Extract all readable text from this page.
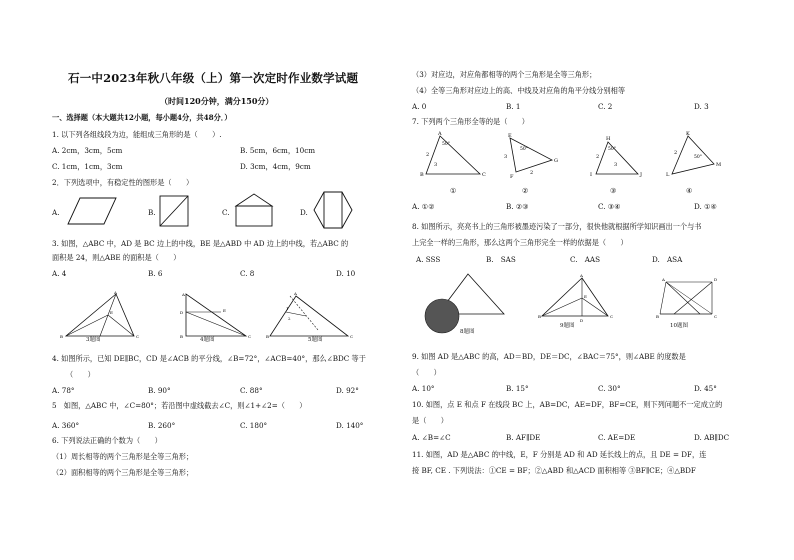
石一中2023年秋八年级（上）第一次定时作业数学试题
（时间120分钟，满分150分）
一、选择题（本大题共12小题，每小题4分，共48分．）
1. 以下列各组线段为边，能组成三角形的是（　　）.
A. 2cm，3cm，5cm	B. 5cm，6cm，10cm
C. 1cm，1cm，3cm	D. 3cm，4cm，9cm
2．下列选项中，有稳定性的图形是（　　）
A.	B.	C.	D.
3. 如图，△ABC 中，AD 是 BC 边上的中线，BE 是△ABD 中 AD 边上的中线，若△ABC 的
面积是 24，则△ABE 的面积是（　　）
A. 4	B. 6	C. 8	D. 10
A
E
B	C
A
D	E
B	C
A
1
2
B	C
3题图	4题图	5题图
4. 如图所示，已知 DE∥BC，CD 是∠ACB 的平分线，∠B=72°，∠ACB=40°，那么∠BDC 等于
（　　）
A. 78°	B. 90°	C. 88°	D. 92°
5　如图，△ABC 中，∠C=80°；若沿图中虚线截去∠C，则∠1+∠2=（　　）
A. 360°	B. 260°	C. 180°	D. 140°
6. 下列说法正确的个数为（　　）
（1）周长相等的两个三角形是全等三角形；
（2）面积相等的两个三角形是全等三角形；
（3）对应边，对应角都相等的两个三角形是全等三角形；
（4）全等三角形对应边上的高、中线及对应角的角平分线分别相等
A. 0	B. 1	C. 2	D. 3
7. 下列两个三角形全等的是（　　）
A
B	C
2
3
50°
E
F
G
3
2
50°
H
I	J
2
3
50°
K
L
M
2
50°
①	②	③	④
A. ①②	B. ②③	C. ③④	D. ①④
8. 如图所示，亮亮书上的三角形被墨迹污染了一部分，很快他就根据所学知识画出一个与书
上完全一样的三角形，那么这两个三角形完全一样的依据是（　　）
A. SSS	B.　SAS	C.　AAS	D.　ASA
A
E
B
D
C
A	D
B	C
8题图
9题图	10题图
9. 如图 AD 是△ABC 的高，AD＝BD，DE＝DC，∠BAC＝75°，则∠ABE 的度数是
（　　）
A. 10°	B. 15°	C. 30°	D. 45°
10. 如图，点 E 和点 F 在线段 BC 上，AB=DC，AE=DF，BF=CE，则下列问题不一定成立的
是（　　）
A. ∠B=∠C	B. AF∥DE	C. AE=DE	D. AB∥DC
11. 如图，AD 是△ABC 的中线，E，F 分别是 AD 和 AD 延长线上的点，且 DE = DF，连
接 BF, CE . 下列说法：①CE = BF；②△ABD 和△ACD 面积相等 ③BF∥CE；④△BDF
